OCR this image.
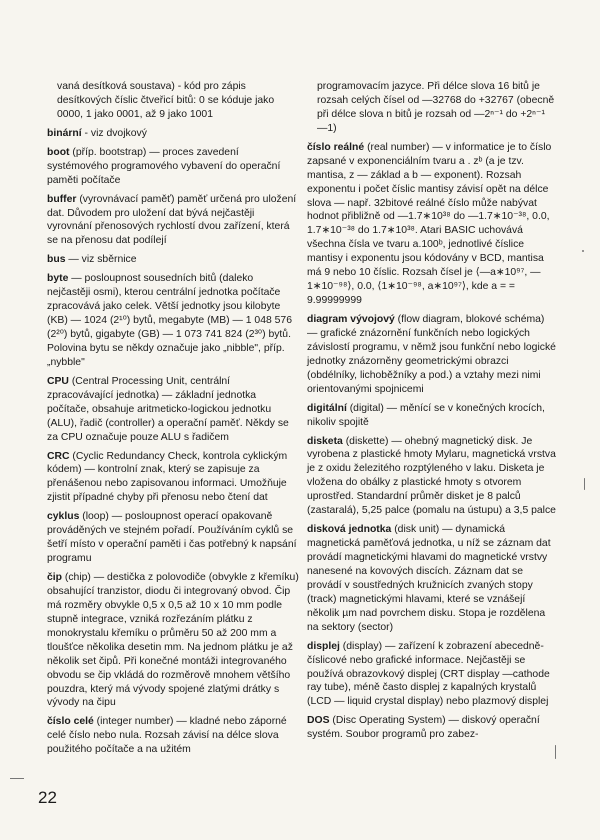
vaná desítková soustava) - kód pro zápis desítkových číslic čtveřicí bitů: 0 se kóduje jako 0000, 1 jako 0001, až 9 jako 1001
binární - viz dvojkový
boot (příp. bootstrap) — proces zavedení systémového programového vybavení do operační paměti počítače
buffer (vyrovnávací paměť) paměť určená pro uložení dat. Důvodem pro uložení dat bývá nejčastěji vyrovnání přenosových rychlostí dvou zařízení, která se na přenosu dat podílejí
bus — viz sběrnice
byte — posloupnost sousedních bitů (daleko nejčastěji osmi), kterou centrální jednotka počítače zpracovává jako celek. Větší jednotky jsou kilobyte (KB) — 1024 (2¹⁰) bytů, megabyte (MB) — 1 048 576 (2²⁰) bytů, gigabyte (GB) — 1 073 741 824 (2³⁰) bytů. Polovina bytu se někdy označuje jako „nibble", příp. „nybble"
CPU (Central Processing Unit, centrální zpracovávající jednotka) — základní jednotka počítače, obsahuje aritmeticko-logickou jednotku (ALU), řadič (controller) a operační paměť. Někdy se za CPU označuje pouze ALU s řadičem
CRC (Cyclic Redundancy Check, kontrola cyklickým kódem) — kontrolní znak, který se zapisuje za přenášenou nebo zapisovanou informaci. Umožňuje zjistit případné chyby při přenosu nebo čtení dat
cyklus (loop) — posloupnost operací opakovaně prováděných ve stejném pořadí. Používáním cyklů se šetří místo v operační paměti i čas potřebný k napsání programu
čip (chip) — destička z polovodiče (obvykle z křemíku) obsahující tranzistor, diodu či integrovaný obvod. Čip má rozměry obvykle 0,5 x 0,5 až 10 x 10 mm podle stupně integrace, vzniká rozřezáním plátku z monokrystalu křemíku o průměru 50 až 200 mm a tloušťce několika desetin mm. Na jednom plátku je až několik set čipů. Při konečné montáži integrovaného obvodu se čip vkládá do rozměrově mnohem většího pouzdra, který má vývody spojené zlatými drátky s vývody na čipu
číslo celé (integer number) — kladné nebo záporné celé číslo nebo nula. Rozsah závisí na délce slova použitého počítače a na užitém
programovacím jazyce. Při délce slova 16 bitů je rozsah celých čísel od —32768 do +32767 (obecně při délce slova n bitů je rozsah od —2ⁿ⁻¹ do +2ⁿ⁻¹ —1)
číslo reálné (real number) — v informatice je to číslo zapsané v exponenciálním tvaru a . zᵇ (a je tzv. mantisa, z — základ a b — exponent). Rozsah exponentu i počet číslic mantisy závisí opět na délce slova — např. 32bitové reálné číslo může nabývat hodnot přibližně od —1.7∗10³⁸ do —1.7∗10⁻³⁸, 0.0, 1.7∗10⁻³⁸ do 1.7∗10³⁸. Atari BASIC uchovává všechna čísla ve tvaru a.100ᵇ, jednotlivé číslice mantisy i exponentu jsou kódovány v BCD, mantisa má 9 nebo 10 číslic. Rozsah čísel je ⟨—a∗10⁹⁷, —1∗10⁻⁹⁸⟩, 0.0, ⟨1∗10⁻⁹⁸, a∗10⁹⁷⟩, kde a = = 9.99999999
diagram vývojový (flow diagram, blokové schéma) — grafické znázornění funkčních nebo logických závislostí programu, v němž jsou funkční nebo logické jednotky znázorněny geometrickými obrazci (obdélníky, lichoběžníky a pod.) a vztahy mezi nimi orientovanými spojnicemi
digitální (digital) — měnící se v konečných krocích, nikoliv spojitě
disketa (diskette) — ohebný magnetický disk. Je vyrobena z plastické hmoty Mylaru, magnetická vrstva je z oxidu železitého rozptýleného v laku. Disketa je vložena do obálky z plastické hmoty s otvorem uprostřed. Standardní průměr disket je 8 palců (zastaralá), 5,25 palce (pomalu na ústupu) a 3,5 palce
disková jednotka (disk unit) — dynamická magnetická paměťová jednotka, u níž se záznam dat provádí magnetickými hlavami do magnetické vrstvy nanesené na kovových discích. Záznam dat se provádí v soustředných kružnicích zvaných stopy (track) magnetickými hlavami, které se vznášejí několik µm nad povrchem disku. Stopa je rozdělena na sektory (sector)
displej (display) — zařízení k zobrazení abecedně-číslicové nebo grafické informace. Nejčastěji se používá obrazovkový displej (CRT display —cathode ray tube), méně často displej z kapalných krystalů (LCD — liquid crystal display) nebo plazmový displej
DOS (Disc Operating System) — diskový operační systém. Soubor programů pro zabez-
22
